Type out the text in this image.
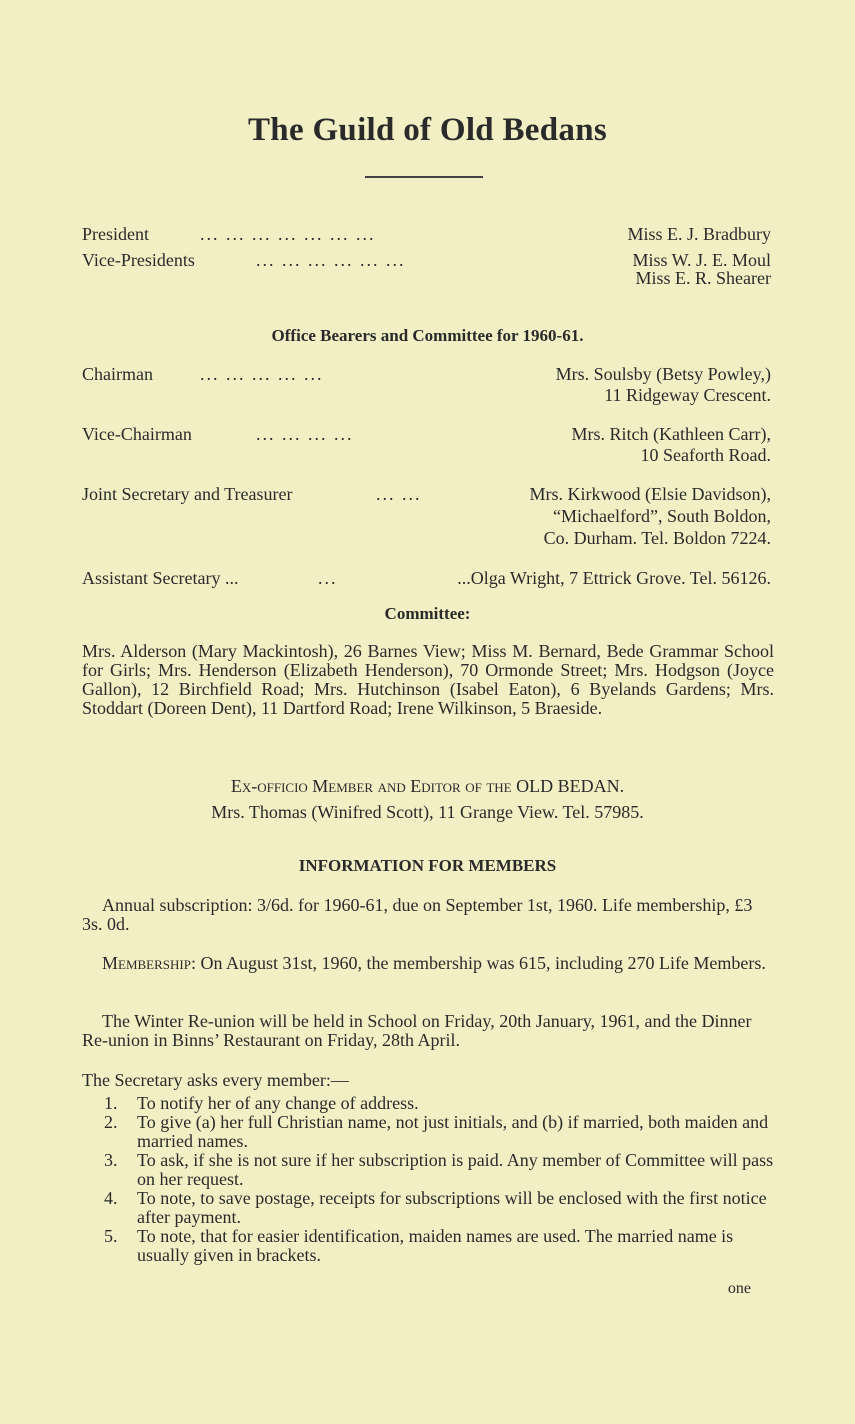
The Guild of Old Bedans
President	... ... ... ... ... ... ...	Miss E. J. Bradbury
Vice-Presidents	... ... ... ... ... ...	Miss W. J. E. Moul
Miss E. R. Shearer
Office Bearers and Committee for 1960-61.
Chairman	... ... ... ... ...	Mrs. Soulsby (Betsy Powley,)
11 Ridgeway Crescent.
Vice-Chairman	... ... ... ...	Mrs. Ritch (Kathleen Carr),
10 Seaforth Road.
Joint Secretary and Treasurer	... ...	Mrs. Kirkwood (Elsie Davidson),
“Michaelford”, South Boldon,
Co. Durham. Tel. Boldon 7224.
Assistant Secretary ...	...	...Olga Wright, 7 Ettrick Grove. Tel. 56126.
Committee:
Mrs. Alderson (Mary Mackintosh), 26 Barnes View; Miss M. Bernard, Bede Grammar School for Girls; Mrs. Henderson (Elizabeth Henderson), 70 Ormonde Street; Mrs. Hodgson (Joyce Gallon), 12 Birchfield Road; Mrs. Hutchinson (Isabel Eaton), 6 Byelands Gardens; Mrs. Stoddart (Doreen Dent), 11 Dartford Road; Irene Wilkinson, 5 Braeside.
Ex-officio Member and Editor of the OLD BEDAN.
Mrs. Thomas (Winifred Scott), 11 Grange View. Tel. 57985.
INFORMATION FOR MEMBERS
Annual subscription: 3/6d. for 1960-61, due on September 1st, 1960. Life membership, £3 3s. 0d.
Membership: On August 31st, 1960, the membership was 615, including 270 Life Members.
The Winter Re-union will be held in School on Friday, 20th January, 1961, and the Dinner Re-union in Binns’ Restaurant on Friday, 28th April.
The Secretary asks every member:—
1. To notify her of any change of address.
2. To give (a) her full Christian name, not just initials, and (b) if married, both maiden and married names.
3. To ask, if she is not sure if her subscription is paid. Any member of Committee will pass on her request.
4. To note, to save postage, receipts for subscriptions will be enclosed with the first notice after payment.
5. To note, that for easier identification, maiden names are used. The married name is usually given in brackets.
one
